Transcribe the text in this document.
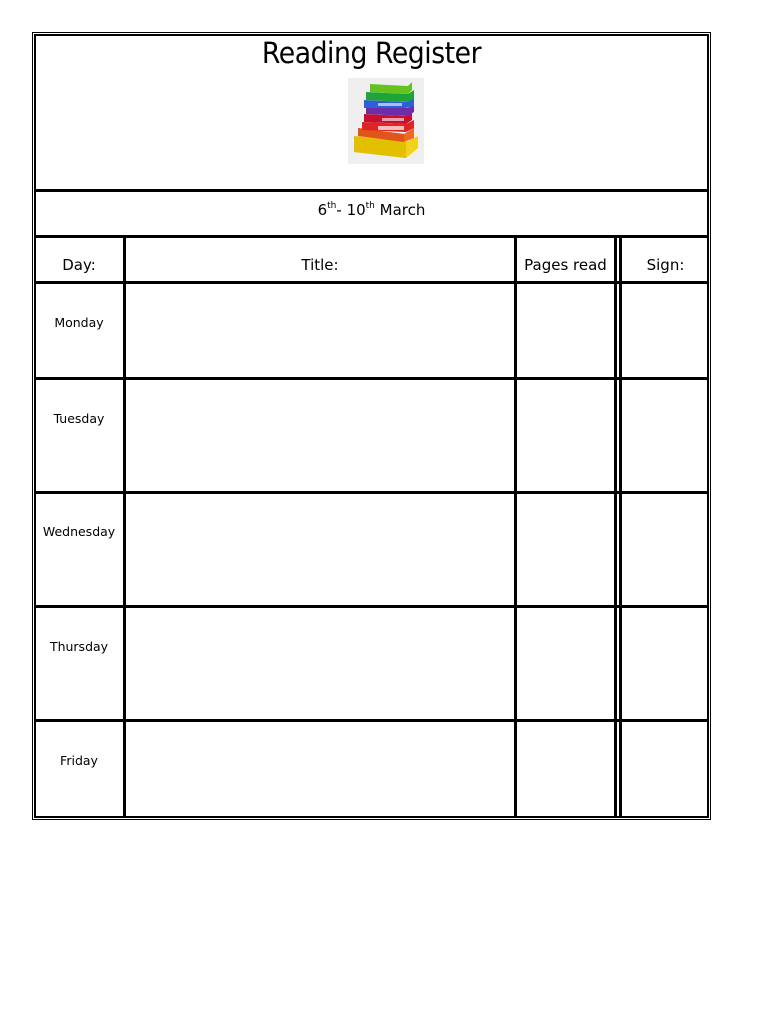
Reading Register
6th- 10th March
Day:	Title:	Pages read	Sign:
Monday
Tuesday
Wednesday
Thursday
Friday
